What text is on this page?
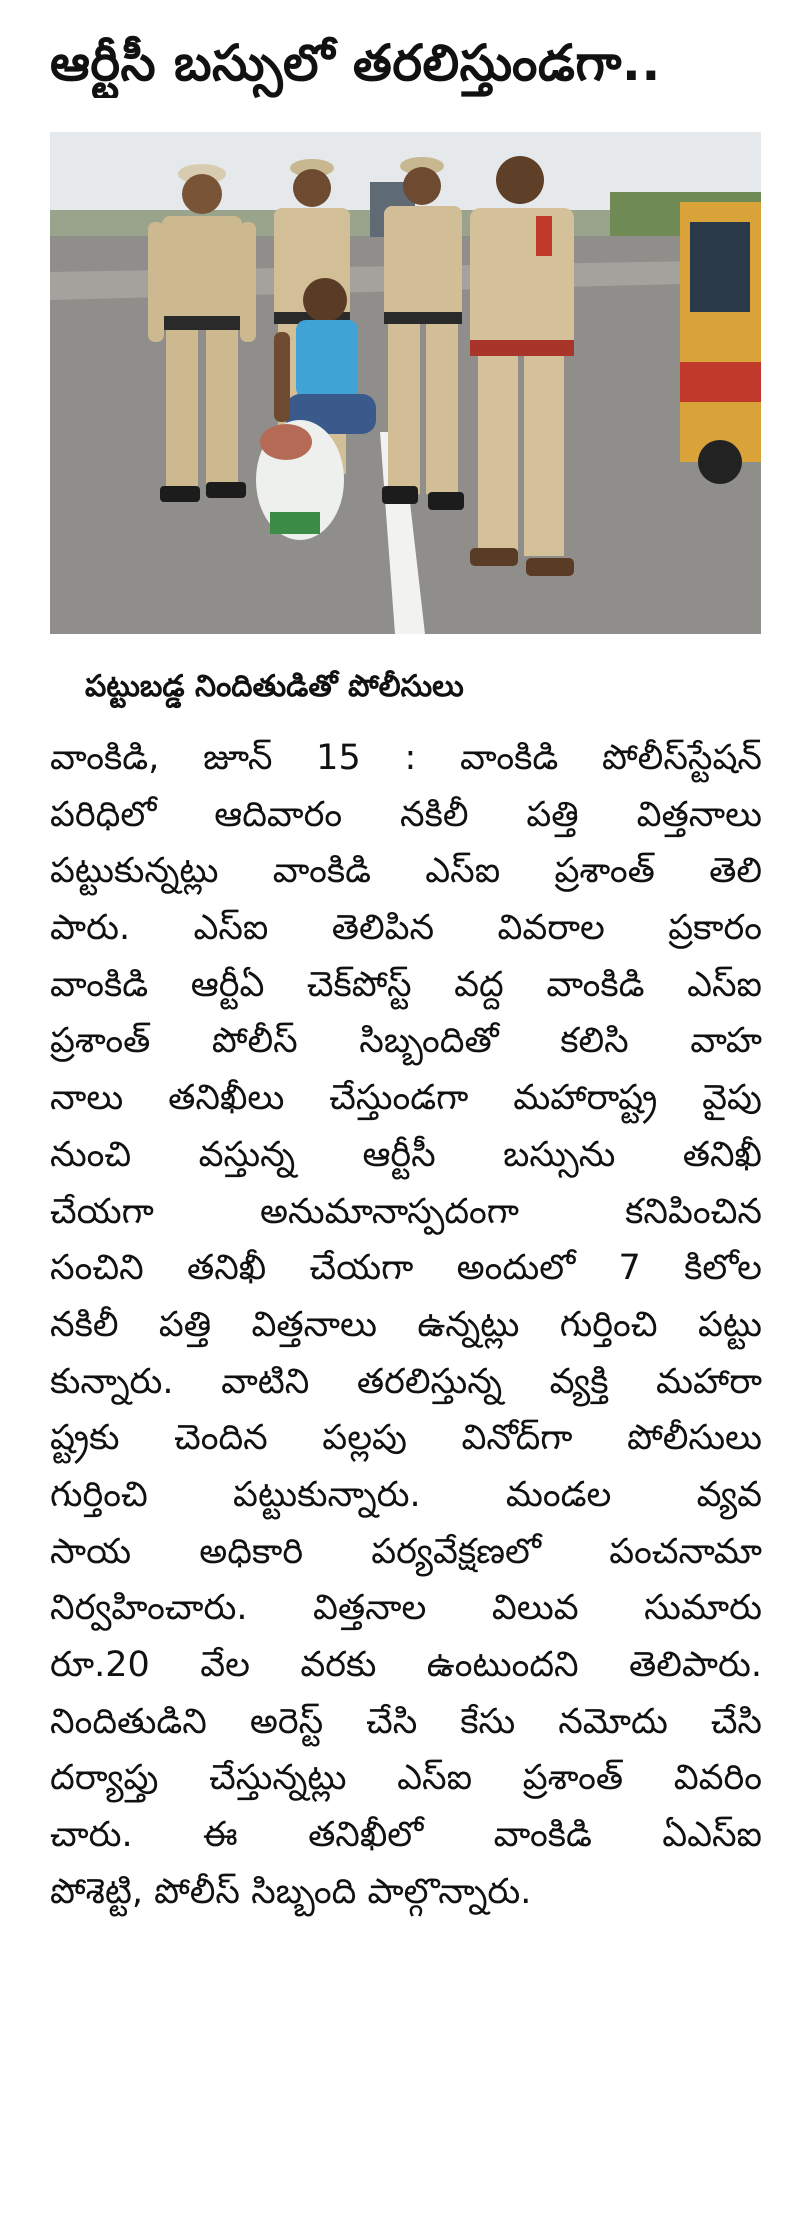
ఆర్టీసీ బస్సులో తరలిస్తుండగా..
పట్టుబడ్డ నిందితుడితో పోలీసులు
వాంకిడి, జూన్ 15 : వాంకిడి పోలీస్‌స్టేషన్
పరిధిలో ఆదివారం నకిలీ పత్తి విత్తనాలు
పట్టుకున్నట్లు వాంకిడి ఎస్‌ఐ ప్రశాంత్ తెలి
పారు. ఎస్‌ఐ తెలిపిన వివరాల ప్రకారం
వాంకిడి ఆర్టీఏ చెక్‌పోస్ట్ వద్ద వాంకిడి ఎస్‌ఐ
ప్రశాంత్ పోలీస్ సిబ్బందితో కలిసి వాహ
నాలు తనిఖీలు చేస్తుండగా మహారాష్ట్ర వైపు
నుంచి వస్తున్న ఆర్టీసీ బస్సును తనిఖీ
చేయగా అనుమానాస్పదంగా కనిపించిన
సంచిని తనిఖీ చేయగా అందులో 7 కిలోల
నకిలీ పత్తి విత్తనాలు ఉన్నట్లు గుర్తించి పట్టు
కున్నారు. వాటిని తరలిస్తున్న వ్యక్తి మహారా
ష్ట్రకు చెందిన పల్లపు వినోద్‌గా పోలీసులు
గుర్తించి పట్టుకున్నారు. మండల వ్యవ
సాయ అధికారి పర్యవేక్షణలో పంచనామా
నిర్వహించారు. విత్తనాల విలువ సుమారు
రూ.20 వేల వరకు ఉంటుందని తెలిపారు.
నిందితుడిని అరెస్ట్ చేసి కేసు నమోదు చేసి
దర్యాప్తు చేస్తున్నట్లు ఎస్‌ఐ ప్రశాంత్ వివరిం
చారు. ఈ తనిఖీలో వాంకిడి ఏఎస్‌ఐ
పోశెట్టి, పోలీస్ సిబ్బంది పాల్గొన్నారు.
